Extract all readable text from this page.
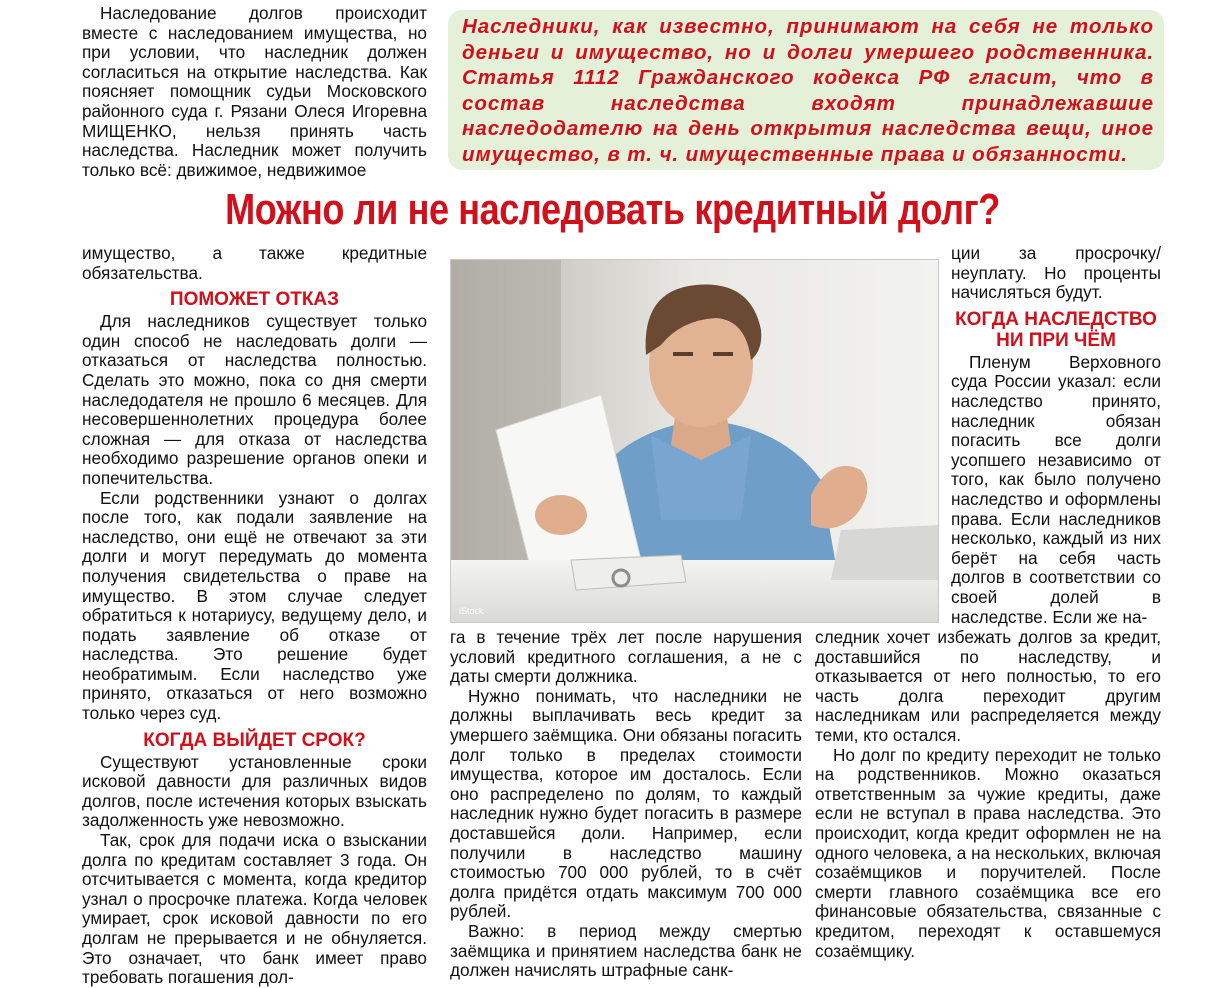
Наследование долгов происходит вместе с наследованием имущества, но при условии, что наследник должен согласиться на открытие наследства. Как поясняет помощник судьи Московского районного суда г. Рязани Олеся Игоревна МИЩЕНКО, нельзя принять часть наследства. Наследник может получить только всё: движимое, недвижимое

Наследники, как известно, принимают на себя не только деньги и имущество, но и долги умершего родственника. Статья 1112 Гражданского кодекса РФ гласит, что в состав наследства входят принадлежавшие наследодателю на день открытия наследства вещи, иное имущество, в т. ч. имущественные права и обязанности.
Можно ли не наследовать кредитный долг?

имущество, а также кредитные обязательства.

ПОМОЖЕТ ОТКАЗ

Для наследников существует только один способ не наследовать долги — отказаться от наследства полностью. Сделать это можно, пока со дня смерти наследодателя не прошло 6 месяцев. Для несовершеннолетних процедура более сложная — для отказа от наследства необходимо разрешение органов опеки и попечительства.

Если родственники узнают о долгах после того, как подали заявление на наследство, они ещё не отвечают за эти долги и могут передумать до момента получения свидетельства о праве на имущество. В этом случае следует обратиться к нотариусу, ведущему дело, и подать заявление об отказе от наследства. Это решение будет необратимым. Если наследство уже принято, отказаться от него возможно только через суд.

КОГДА ВЫЙДЕТ СРОК?

Существуют установленные сроки исковой давности для различных видов долгов, после истечения которых взыскать задолженность уже невозможно.

Так, срок для подачи иска о взыскании долга по кредитам составляет 3 года. Он отсчитывается с момента, когда кредитор узнал о просрочке платежа. Когда человек умирает, срок исковой давности по его долгам не прерывается и не обнуляется. Это означает, что банк имеет право требовать погашения дол-

iStock

га в течение трёх лет после нарушения условий кредитного соглашения, а не с даты смерти должника.

Нужно понимать, что наследники не должны выплачивать весь кредит за умершего заёмщика. Они обязаны погасить долг только в пределах стоимости имущества, которое им досталось. Если оно распределено по долям, то каждый наследник нужно будет погасить в размере доставшейся доли. Например, если получили в наследство машину стоимостью 700 000 рублей, то в счёт долга придётся отдать максимум 700 000 рублей.

Важно: в период между смертью заёмщика и принятием наследства банк не должен начислять штрафные санк-

ции за просрочку/неуплату. Но проценты начисляться будут.

КОГДА НАСЛЕДСТВО НИ ПРИ ЧЁМ

Пленум Верховного суда России указал: если наследство принято, наследник обязан погасить все долги усопшего независимо от того, как было получено наследство и оформлены права. Если наследников несколько, каждый из них берёт на себя часть долгов в соответствии со своей долей в наследстве. Если же на-

следник хочет избежать долгов за кредит, доставшийся по наследству, и отказывается от него полностью, то его часть долга переходит другим наследникам или распределяется между теми, кто остался.

Но долг по кредиту переходит не только на родственников. Можно оказаться ответственным за чужие кредиты, даже если не вступал в права наследства. Это происходит, когда кредит оформлен не на одного человека, а на нескольких, включая созаёмщиков и поручителей. После смерти главного созаёмщика все его финансовые обязательства, связанные с кредитом, переходят к оставшемуся созаёмщику.
